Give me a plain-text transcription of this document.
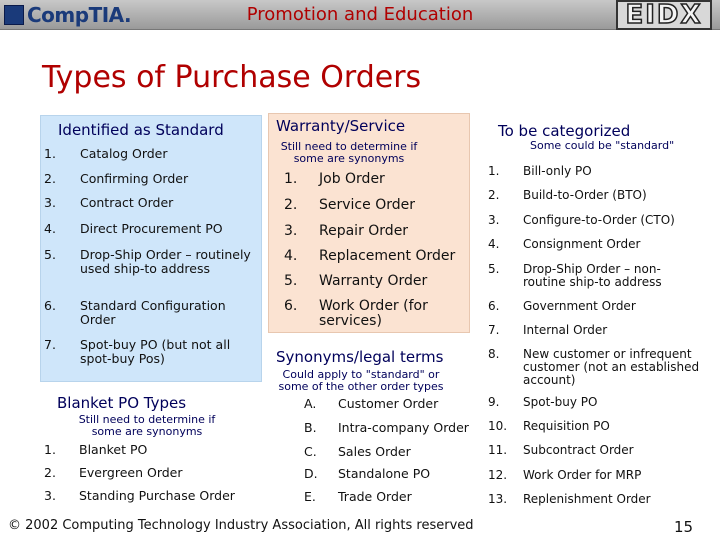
CompTIA.	Promotion and Education	EIDX
Types of Purchase Orders
Identified as Standard
1. Catalog Order
2. Confirming Order
3. Contract Order
4. Direct Procurement PO
5. Drop-Ship Order – routinely used ship-to address
6. Standard Configuration Order
7. Spot-buy PO (but not all spot-buy Pos)
Blanket PO Types
Still need to determine if some are synonyms
1. Blanket PO
2. Evergreen Order
3. Standing Purchase Order
Warranty/Service
Still need to determine if some are synonyms
1. Job Order
2. Service Order
3. Repair Order
4. Replacement Order
5. Warranty Order
6. Work Order (for services)
Synonyms/legal terms
Could apply to "standard" or some of the other order types
A. Customer Order
B. Intra-company Order
C. Sales Order
D. Standalone PO
E. Trade Order
To be categorized
Some could be "standard"
1. Bill-only PO
2. Build-to-Order (BTO)
3. Configure-to-Order (CTO)
4. Consignment Order
5. Drop-Ship Order – non-routine ship-to address
6. Government Order
7. Internal Order
8. New customer or infrequent customer (not an established account)
9. Spot-buy PO
10. Requisition PO
11. Subcontract Order
12. Work Order for MRP
13. Replenishment Order
© 2002 Computing Technology Industry Association, All rights reserved	15
